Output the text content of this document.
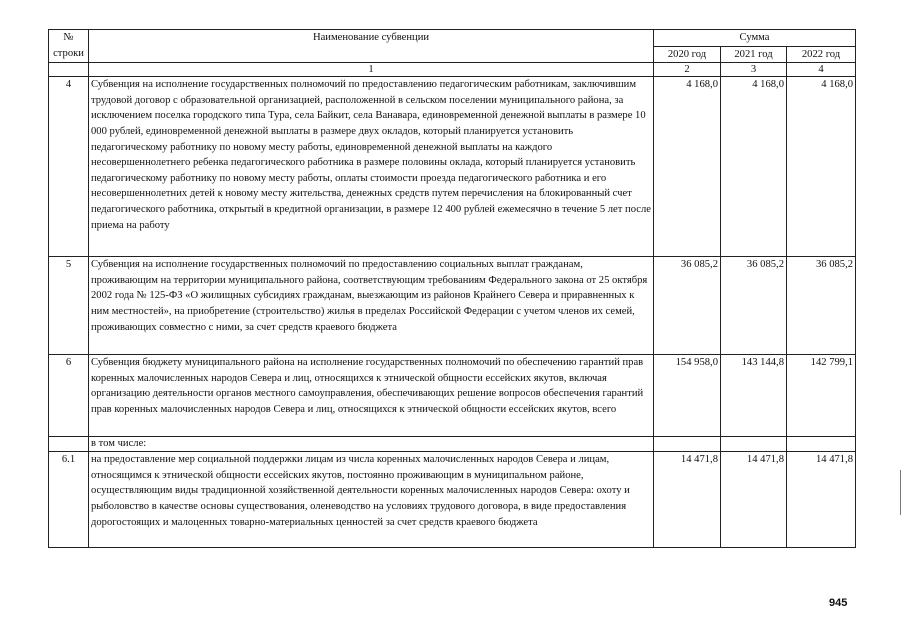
№	Наименование субвенции	Сумма		
строки		2020 год	2021 год	2022 год
	1	2	3	4
4	Субвенция на исполнение государственных полномочий по предоставлению педагогическим работникам, заключившим трудовой договор с образовательной организацией, расположенной в сельском поселении муниципального района, за исключением поселка городского типа Тура, села Байкит, села Ванавара, единовременной денежной выплаты в размере 10 000 рублей, единовременной денежной выплаты в размере двух окладов, который планируется установить педагогическому работнику по новому месту работы, единовременной денежной выплаты на каждого несовершеннолетнего ребенка педагогического работника в размере половины оклада, который планируется установить педагогическому работнику по новому месту работы, оплаты стоимости проезда педагогического работника и его несовершеннолетних детей к новому месту жительства, денежных средств путем перечисления на блокированный счет педагогического работника, открытый в кредитной организации, в размере 12 400 рублей ежемесячно в течение 5 лет после приема на работу	4 168,0	4 168,0	4 168,0
5	Субвенция на исполнение государственных полномочий по предоставлению социальных выплат гражданам, проживающим на территории муниципального района, соответствующим требованиям Федерального закона от 25 октября 2002 года № 125-ФЗ «О жилищных субсидиях гражданам, выезжающим из районов Крайнего Севера и приравненных к ним местностей», на приобретение (строительство) жилья в пределах Российской Федерации с учетом членов их семей, проживающих совместно с ними, за счет средств краевого бюджета	36 085,2	36 085,2	36 085,2
6	Субвенция бюджету муниципального района на исполнение государственных полномочий по обеспечению гарантий прав коренных малочисленных народов Севера и лиц, относящихся к этнической общности ессейских якутов, включая организацию деятельности органов местного самоуправления, обеспечивающих решение вопросов обеспечения гарантий прав коренных малочисленных народов Севера и лиц, относящихся к этнической общности ессейских якутов, всего	154 958,0	143 144,8	142 799,1
	в том числе:			
6.1	на предоставление мер социальной поддержки лицам из числа коренных малочисленных народов Севера и лицам, относящимся к этнической общности ессейских якутов, постоянно проживающим в муниципальном районе, осуществляющим виды традиционной хозяйственной деятельности коренных малочисленных народов Севера: охоту и рыболовство в качестве основы существования, оленеводство на условиях трудового договора, в виде предоставления дорогостоящих и малоценных товарно-материальных ценностей за счет средств краевого бюджета	14 471,8	14 471,8	14 471,8
945
